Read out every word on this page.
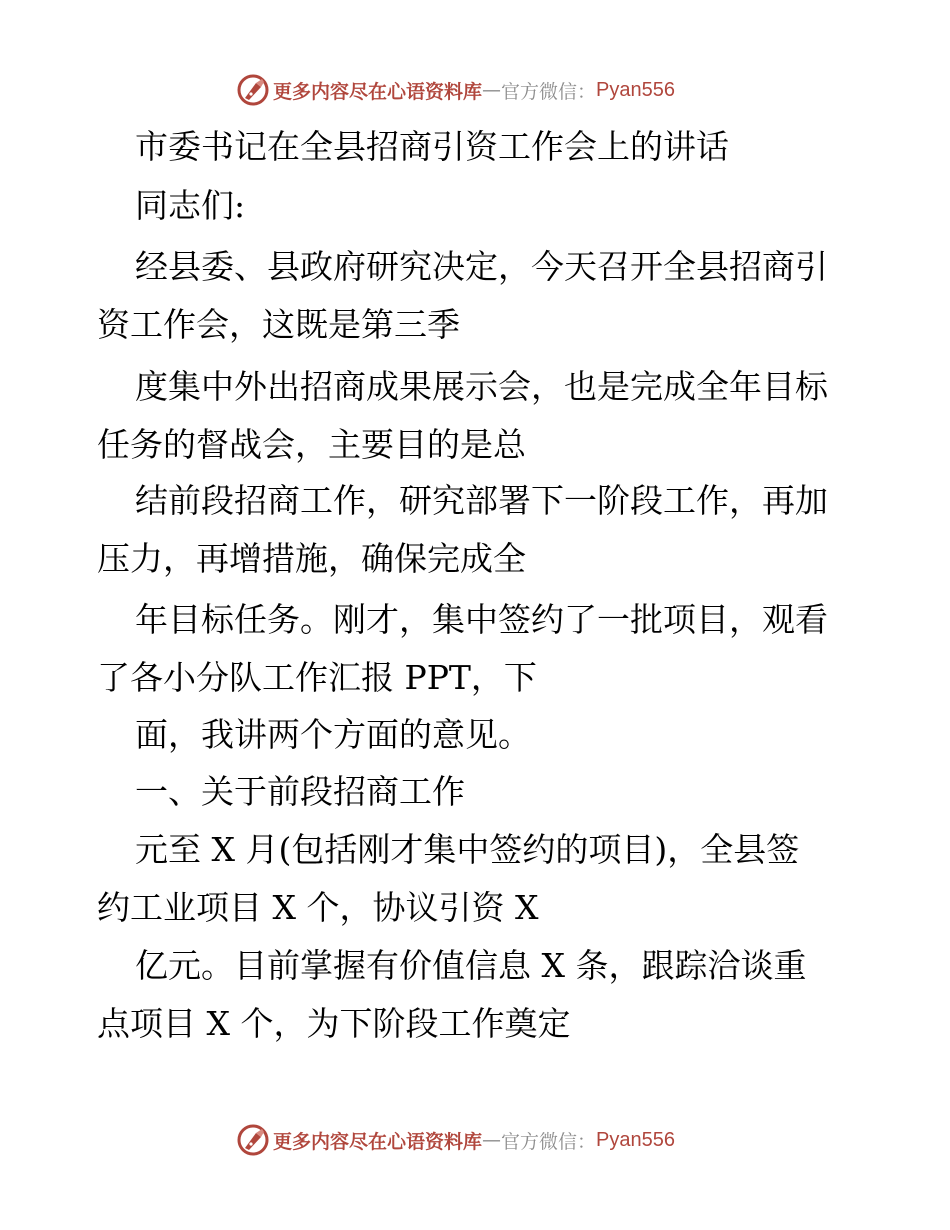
更多内容尽在心语资料库 — 官方微信： Pyan556
市委书记在全县招商引资工作会上的讲话
同志们:
经县委、县政府研究决定，今天召开全县招商引
资工作会，这既是第三季
度集中外出招商成果展示会，也是完成全年目标
任务的督战会，主要目的是总
结前段招商工作，研究部署下一阶段工作，再加
压力，再增措施，确保完成全
年目标任务。刚才，集中签约了一批项目，观看
了各小分队工作汇报 PPT，下
面，我讲两个方面的意见。
一、关于前段招商工作
元至 X 月(包括刚才集中签约的项目)，全县签
约工业项目 X 个，协议引资 X
亿元。目前掌握有价值信息 X 条，跟踪洽谈重
点项目 X 个，为下阶段工作奠定
更多内容尽在心语资料库 — 官方微信： Pyan556
